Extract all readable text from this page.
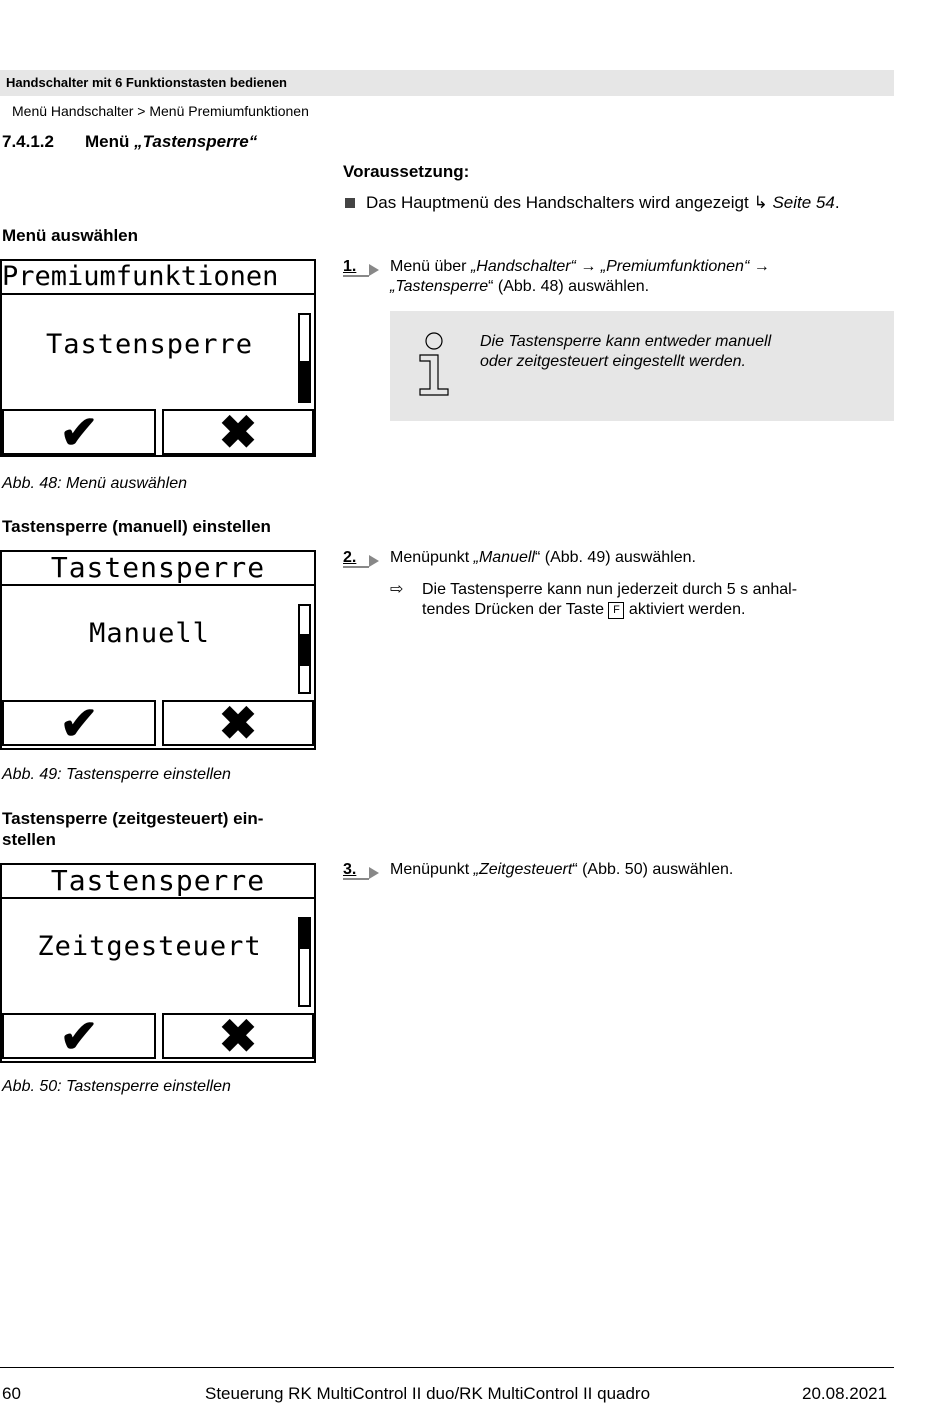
Handschalter mit 6 Funktionstasten bedienen
Menü Handschalter > Menü Premiumfunktionen
7.4.1.2 Menü „Tastensperre“
Voraussetzung:
Das Hauptmenü des Handschalters wird angezeigt ↳ Seite 54.
Menü auswählen
Premiumfunktionen
Tastensperre
✔	✖
Abb. 48: Menü auswählen
1. Menü über „Handschalter“ → „Premiumfunktionen“ →
„Tastensperre“ (Abb. 48) auswählen.
Die Tastensperre kann entweder manuell
oder zeitgesteuert eingestellt werden.
Tastensperre (manuell) einstellen
Tastensperre
Manuell
✔	✖
Abb. 49: Tastensperre einstellen
2. Menüpunkt „Manuell“ (Abb. 49) auswählen.
⇨ Die Tastensperre kann nun jederzeit durch 5 s anhal-
tendes Drücken der Taste F aktiviert werden.
Tastensperre (zeitgesteuert) ein-
stellen
Tastensperre
Zeitgesteuert
✔	✖
Abb. 50: Tastensperre einstellen
3. Menüpunkt „Zeitgesteuert“ (Abb. 50) auswählen.
60	Steuerung RK MultiControl II duo/RK MultiControl II quadro	20.08.2021
